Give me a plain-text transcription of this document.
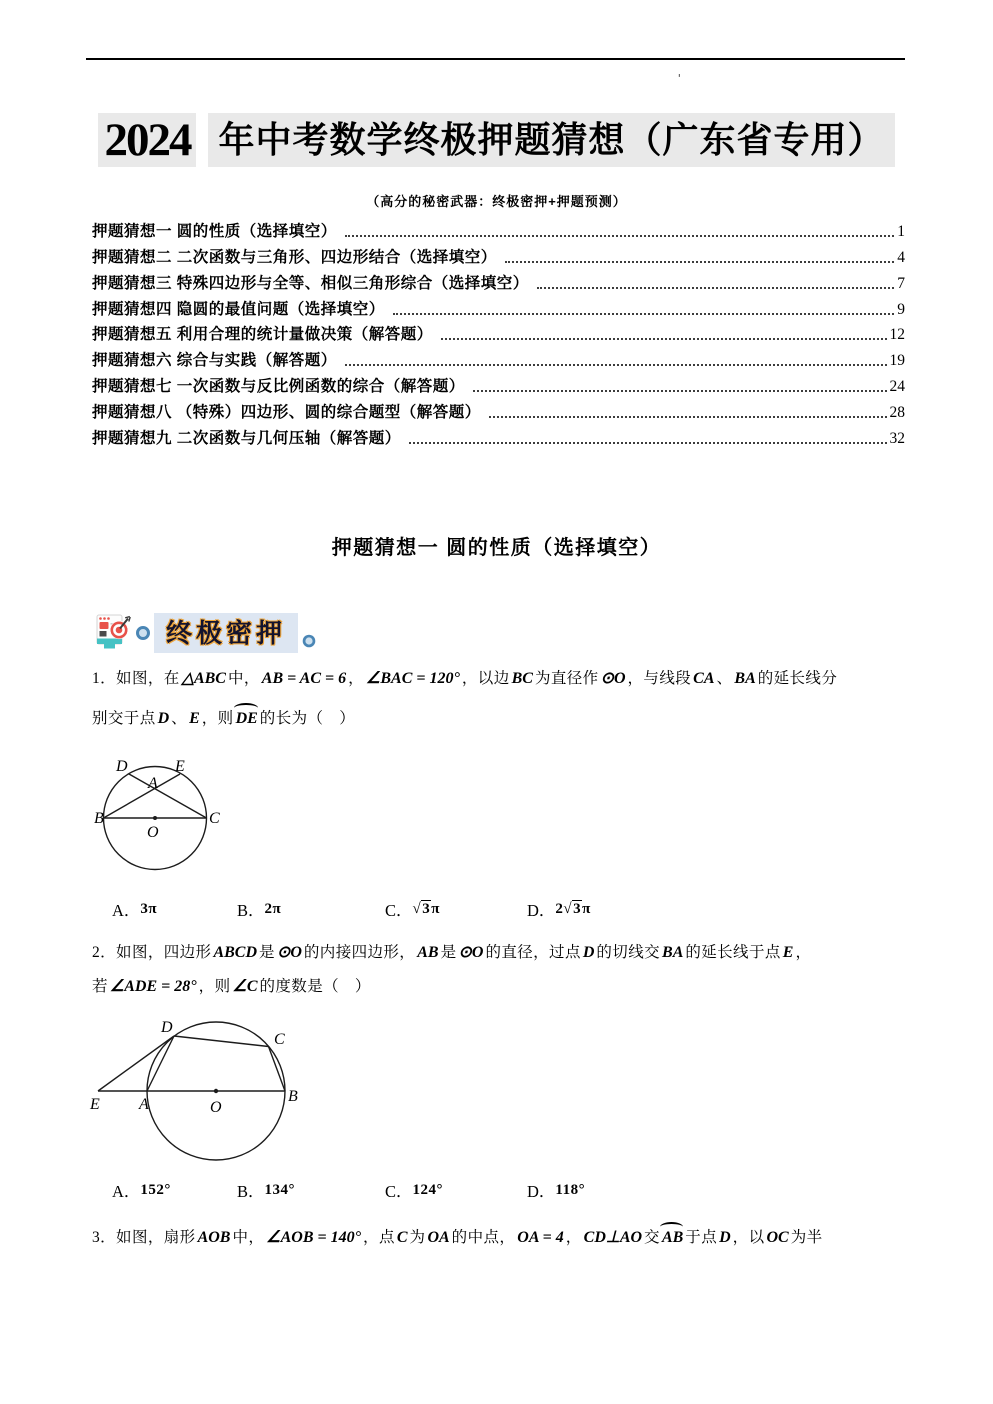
'
2024 年中考数学终极押题猜想（广东省专用）
（高分的秘密武器：终极密押+押题预测）
押题猜想一 圆的性质（选择填空）	1
押题猜想二 二次函数与三角形、四边形结合（选择填空）	4
押题猜想三 特殊四边形与全等、相似三角形综合（选择填空）	7
押题猜想四 隐圆的最值问题（选择填空）	9
押题猜想五 利用合理的统计量做决策（解答题）	12
押题猜想六 综合与实践（解答题）	19
押题猜想七 一次函数与反比例函数的综合（解答题）	24
押题猜想八 （特殊）四边形、圆的综合题型（解答题）	28
押题猜想九 二次函数与几何压轴（解答题）	32
押题猜想一 圆的性质（选择填空）
终极密押
1．如图，在 △ABC 中， AB = AC = 6 ， ∠BAC = 120° ，以边 BC 为直径作 ⊙O ，与线段 CA 、 BA 的延长线分
别交于点 D 、 E ，则 DE 的长为（　）
D	E
A
B	C
O
A．3π	B．2π	C．√3π	D．2√3π
2．如图，四边形 ABCD 是 ⊙O 的内接四边形， AB 是 ⊙O 的直径，过点 D 的切线交 BA 的延长线于点 E ，
若 ∠ADE = 28° ，则 ∠C 的度数是（　）
D
C
E A	O
B
A．152°	B．134°	C．124°	D．118°
3．如图，扇形 AOB 中， ∠AOB = 140° ，点 C 为 OA 的中点， OA = 4 ， CD⊥AO 交 AB 于点 D ，以 OC 为半
